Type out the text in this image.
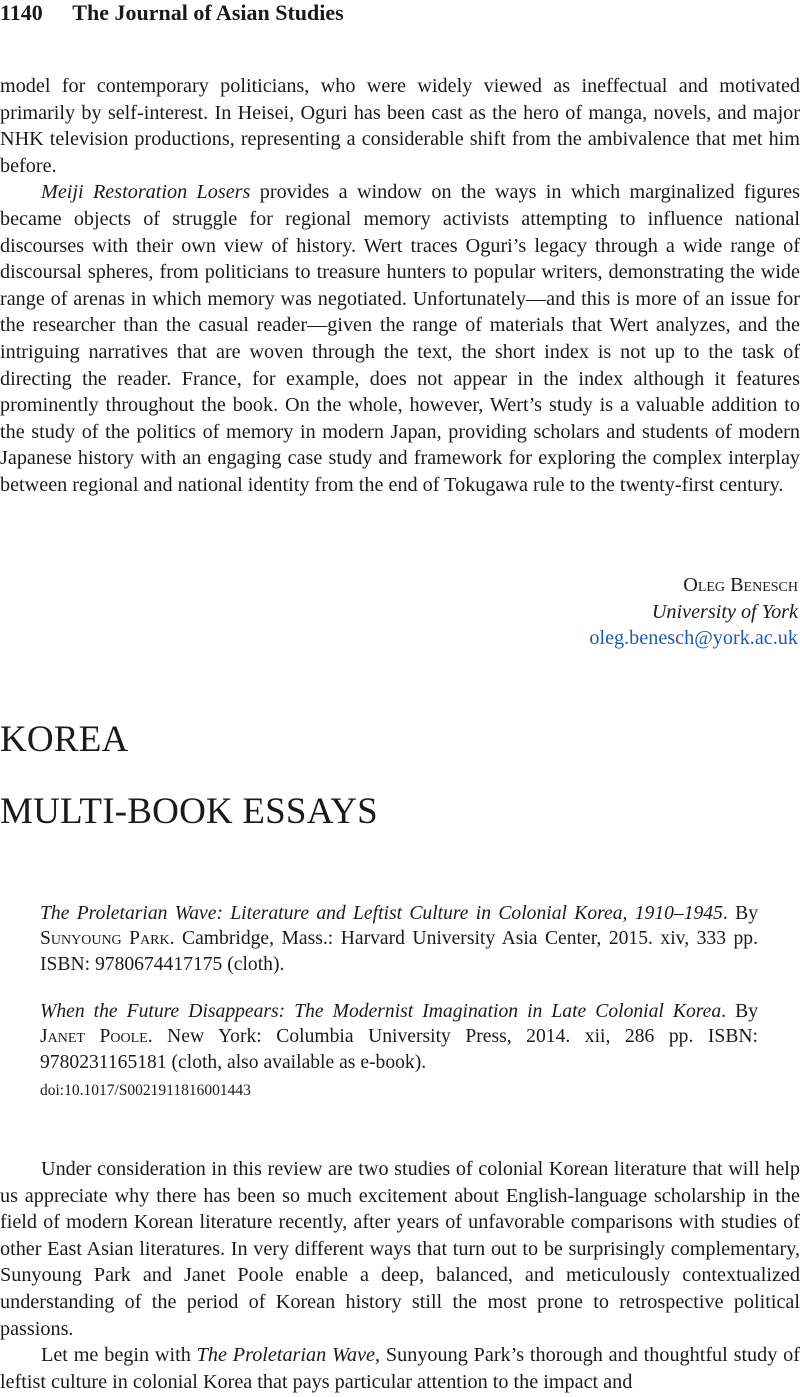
1140 The Journal of Asian Studies

model for contemporary politicians, who were widely viewed as ineffectual and motivated primarily by self-interest. In Heisei, Oguri has been cast as the hero of manga, novels, and major NHK television productions, representing a considerable shift from the ambivalence that met him before.

Meiji Restoration Losers provides a window on the ways in which marginalized figures became objects of struggle for regional memory activists attempting to influence national discourses with their own view of history. Wert traces Oguri’s legacy through a wide range of discoursal spheres, from politicians to treasure hunters to popular writers, demonstrating the wide range of arenas in which memory was negotiated. Unfortunately—and this is more of an issue for the researcher than the casual reader—given the range of materials that Wert analyzes, and the intriguing narratives that are woven through the text, the short index is not up to the task of directing the reader. France, for example, does not appear in the index although it features prominently throughout the book. On the whole, however, Wert’s study is a valuable addition to the study of the politics of memory in modern Japan, providing scholars and students of modern Japanese history with an engaging case study and framework for exploring the complex interplay between regional and national identity from the end of Tokugawa rule to the twenty-first century.

Oleg Benesch
University of York
oleg.benesch@york.ac.uk
KOREA
MULTI-BOOK ESSAYS

The Proletarian Wave: Literature and Leftist Culture in Colonial Korea, 1910–1945. By Sunyoung Park. Cambridge, Mass.: Harvard University Asia Center, 2015. xiv, 333 pp. ISBN: 9780674417175 (cloth).

When the Future Disappears: The Modernist Imagination in Late Colonial Korea. By Janet Poole. New York: Columbia University Press, 2014. xii, 286 pp. ISBN: 9780231165181 (cloth, also available as e-book).

doi:10.1017/S0021911816001443

Under consideration in this review are two studies of colonial Korean literature that will help us appreciate why there has been so much excitement about English-language scholarship in the field of modern Korean literature recently, after years of unfavorable comparisons with studies of other East Asian literatures. In very different ways that turn out to be surprisingly complementary, Sunyoung Park and Janet Poole enable a deep, balanced, and meticulously contextualized understanding of the period of Korean history still the most prone to retrospective political passions.

Let me begin with The Proletarian Wave, Sunyoung Park’s thorough and thoughtful study of leftist culture in colonial Korea that pays particular attention to the impact and
